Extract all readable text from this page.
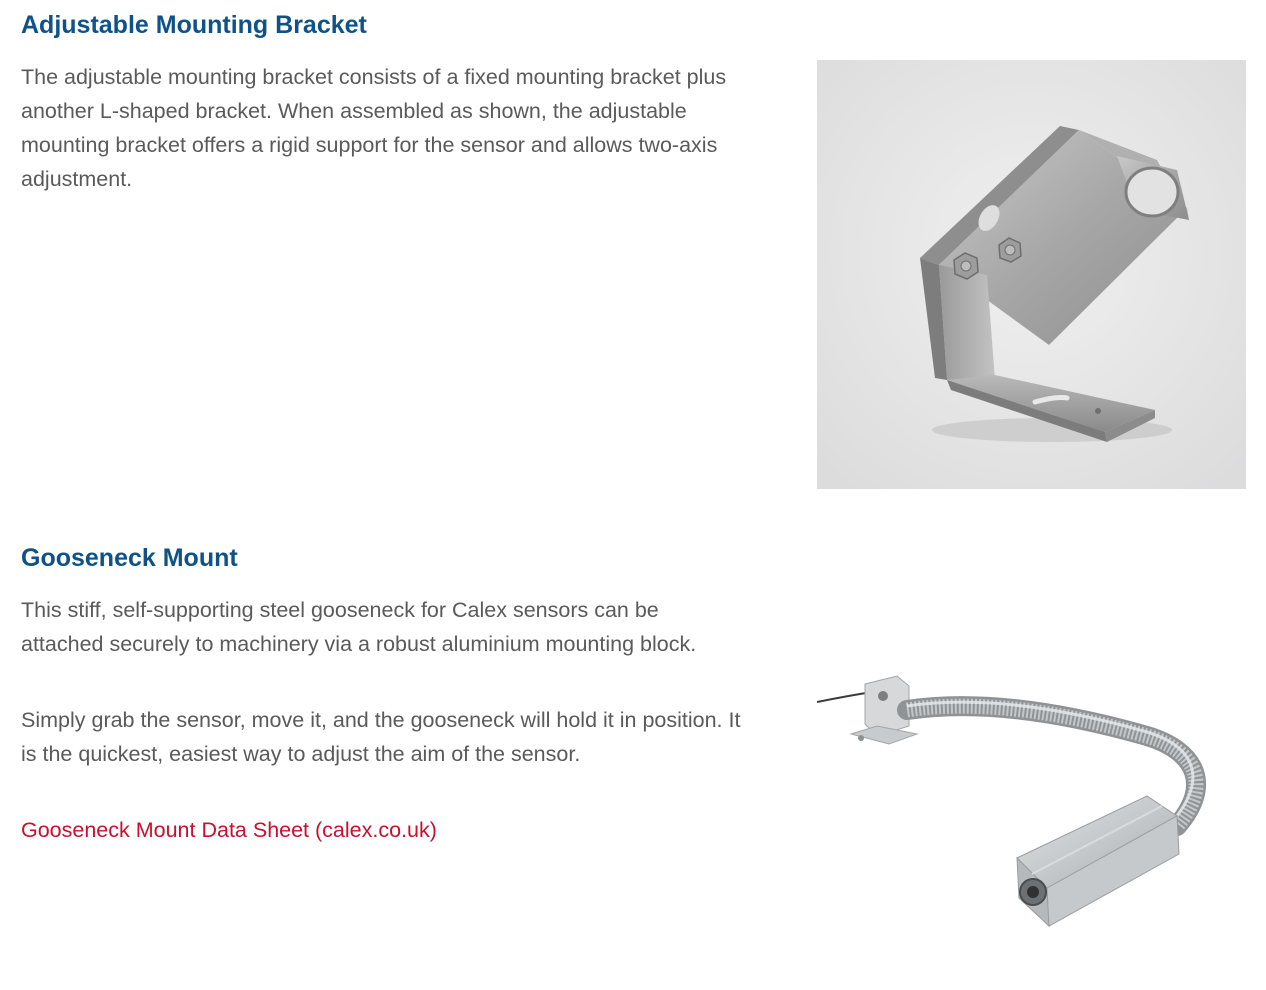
Adjustable Mounting Bracket

The adjustable mounting bracket consists of a fixed mounting bracket plus another L-shaped bracket. When assembled as shown, the adjustable mounting bracket offers a rigid support for the sensor and allows two-axis adjustment.

Gooseneck Mount

This stiff, self-supporting steel gooseneck for Calex sensors can be attached securely to machinery via a robust aluminium mounting block.

Simply grab the sensor, move it, and the gooseneck will hold it in position. It is the quickest, easiest way to adjust the aim of the sensor.

Gooseneck Mount Data Sheet (calex.co.uk)
